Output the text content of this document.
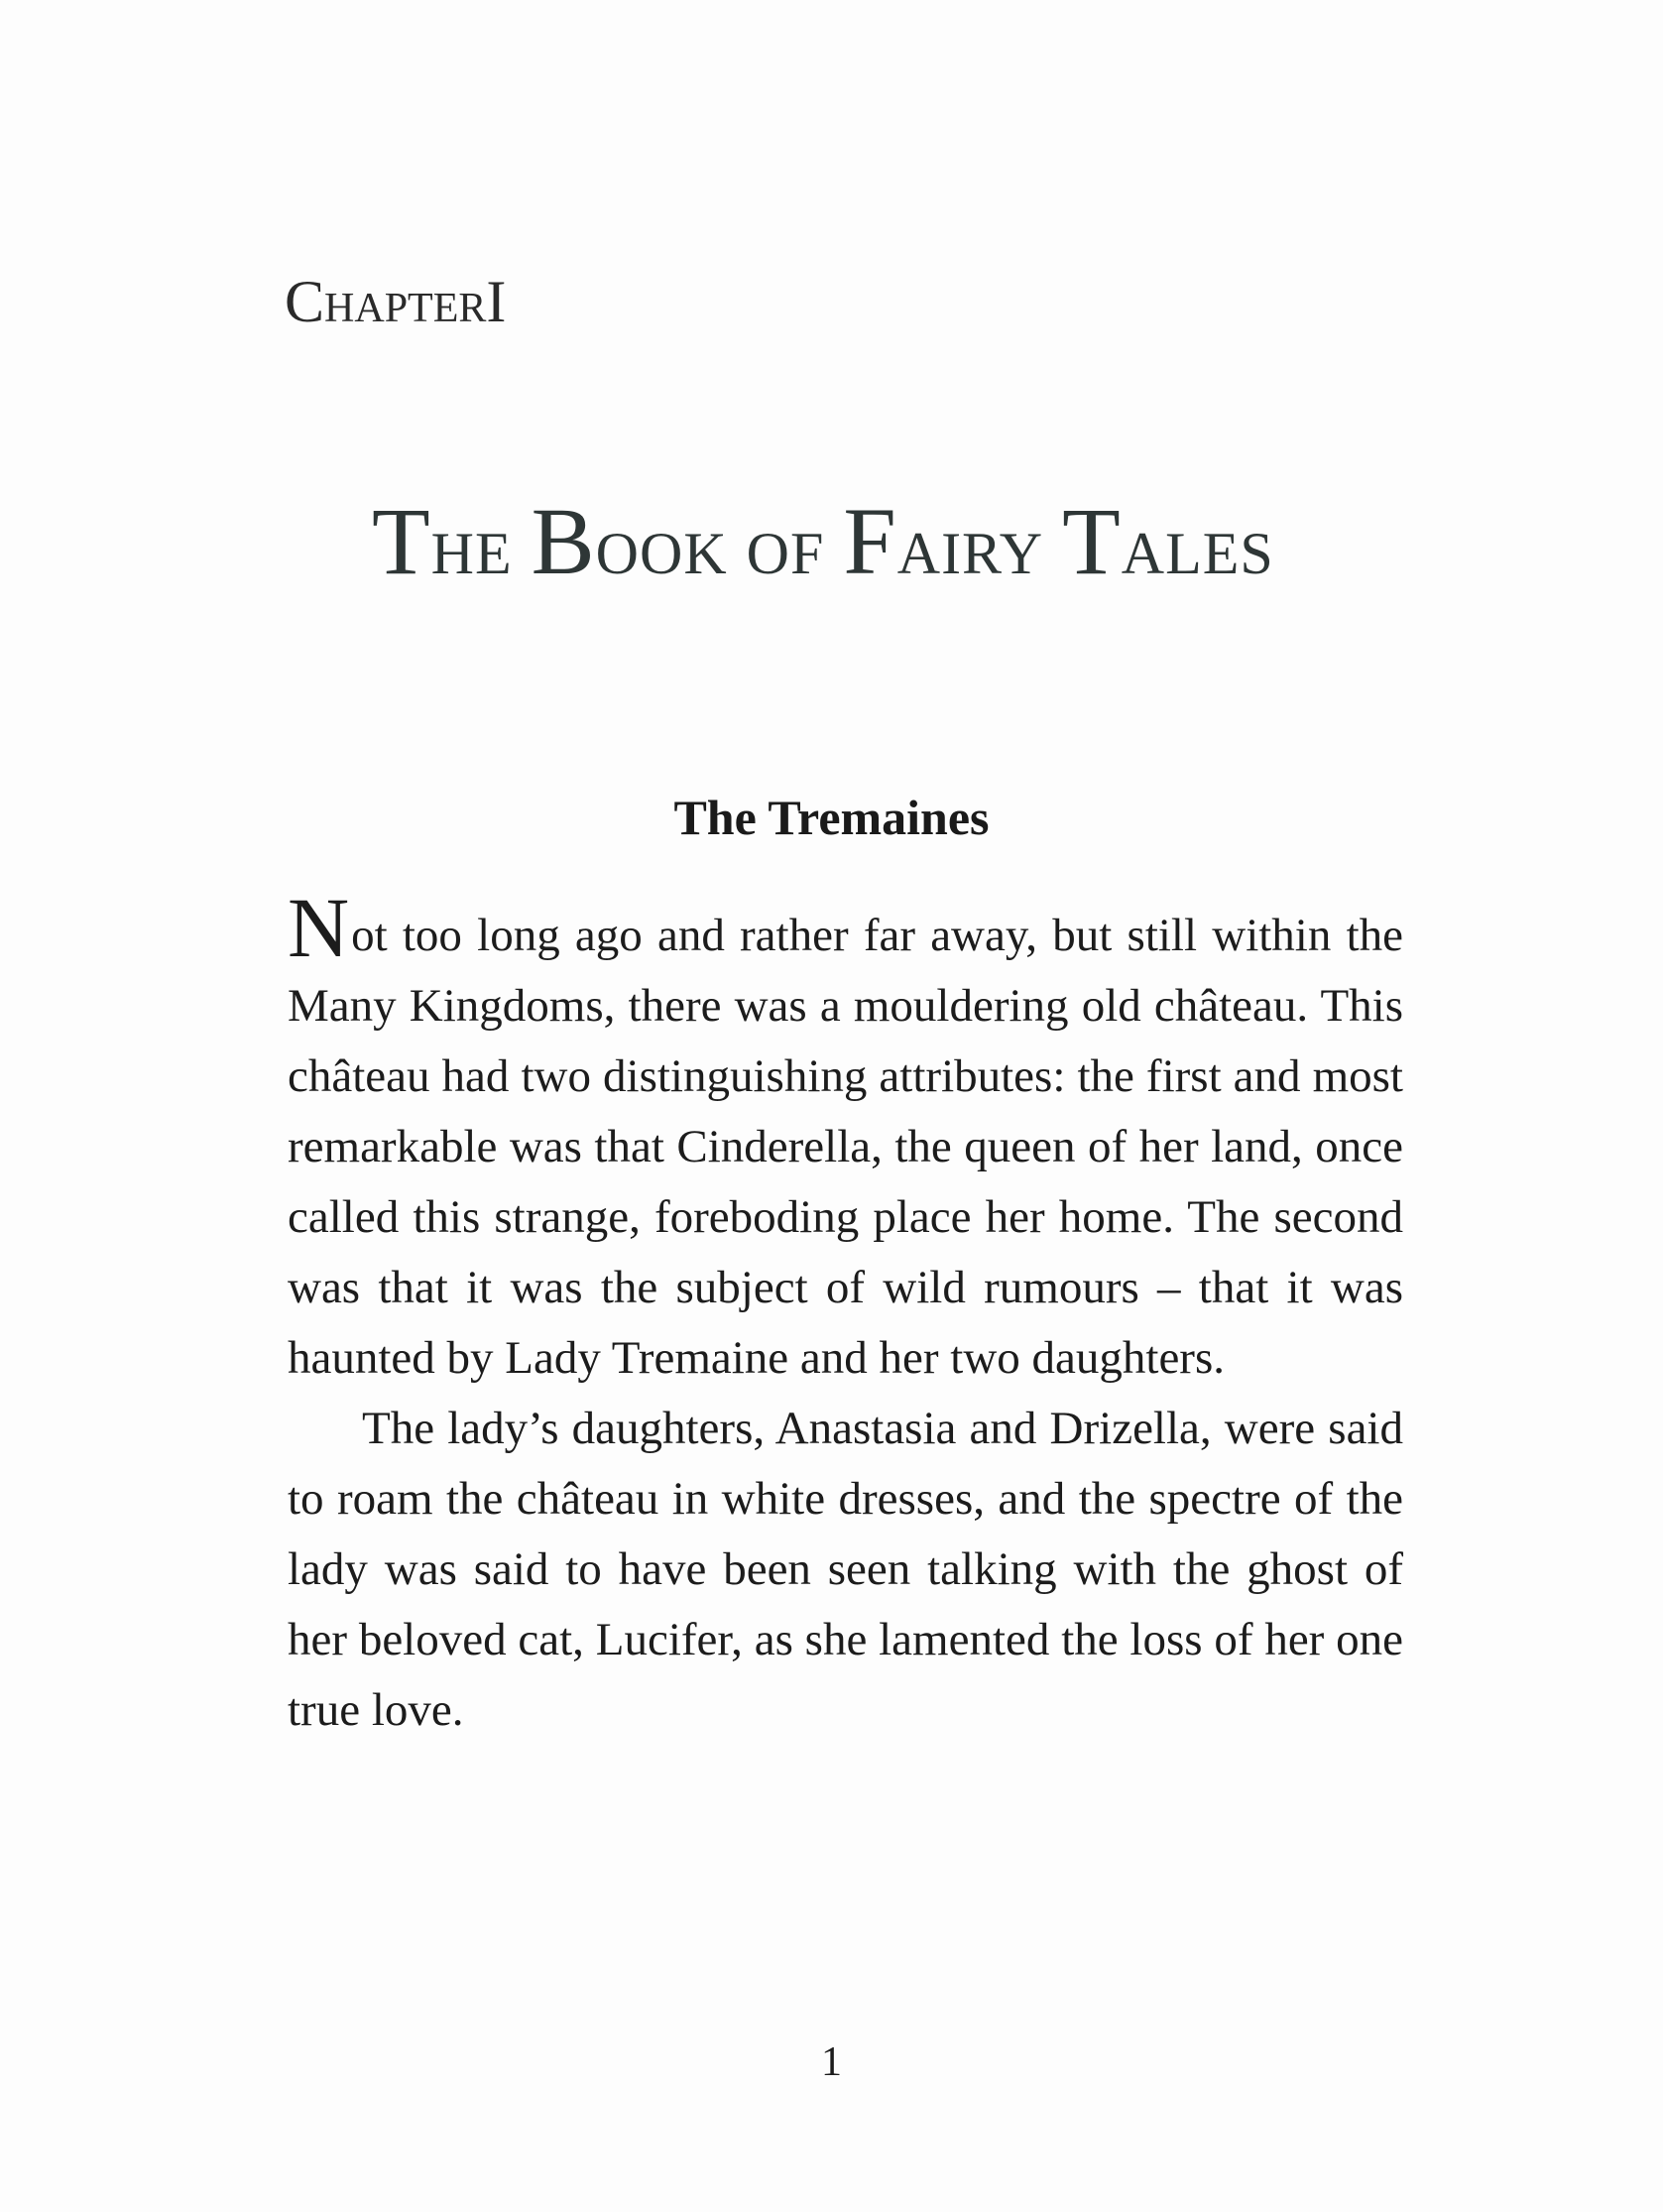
CHAPTERI
THE BOOK OF FAIRY TALES
The Tremaines

Not too long ago and rather far away, but still within the Many Kingdoms, there was a mouldering old château. This château had two distinguishing attributes: the first and most remarkable was that Cinderella, the queen of her land, once called this strange, foreboding place her home. The second was that it was the subject of wild rumours – that it was haunted by Lady Tremaine and her two daughters.

The lady’s daughters, Anastasia and Drizella, were said to roam the château in white dresses, and the spectre of the lady was said to have been seen talking with the ghost of her beloved cat, Lucifer, as she lamented the loss of her one true love.

1
